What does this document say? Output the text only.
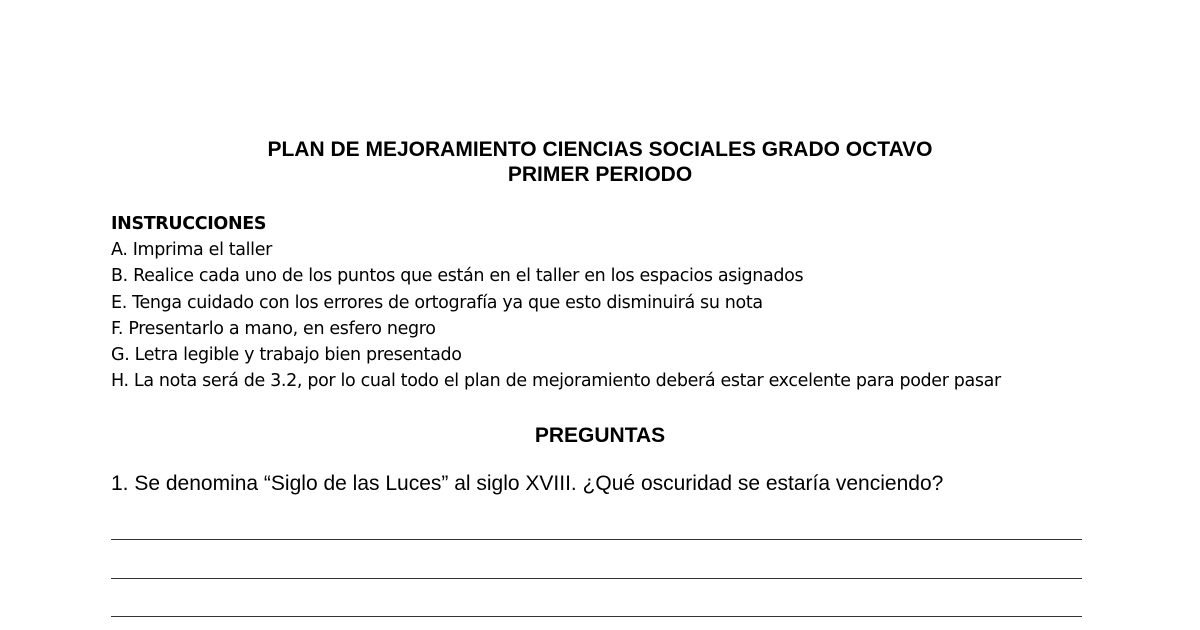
PLAN DE MEJORAMIENTO CIENCIAS SOCIALES GRADO OCTAVO
PRIMER PERIODO

INSTRUCCIONES

A. Imprima el taller
B. Realice cada uno de los puntos que están en el taller en los espacios asignados
E. Tenga cuidado con los errores de ortografía ya que esto disminuirá su nota
F. Presentarlo a mano, en esfero negro
G. Letra legible y trabajo bien presentado
H. La nota será de 3.2, por lo cual todo el plan de mejoramiento deberá estar excelente para poder pasar
PREGUNTAS

1. Se denomina “Siglo de las Luces” al siglo XVIII. ¿Qué oscuridad se estaría venciendo?
